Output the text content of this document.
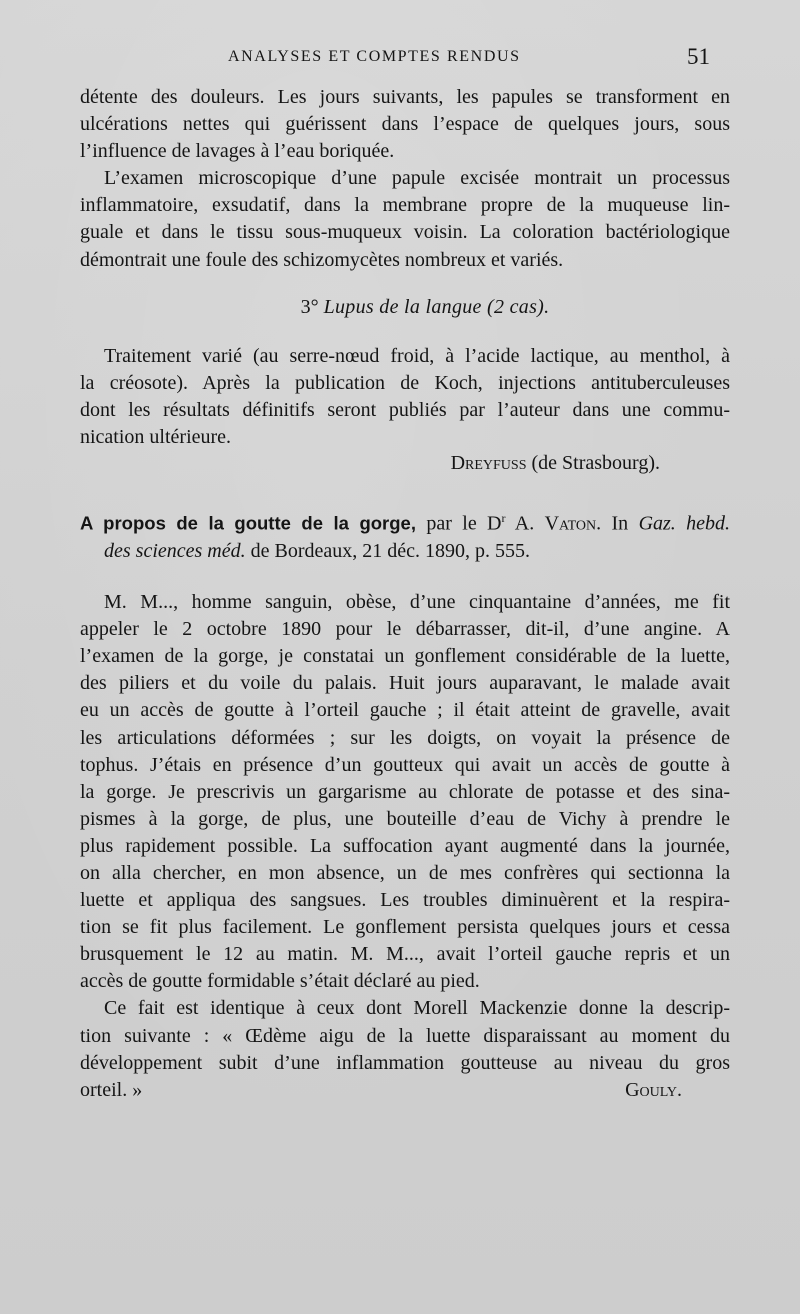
ANALYSES ET COMPTES RENDUS	51
détente des douleurs. Les jours suivants, les papules se transforment en
ulcérations nettes qui guérissent dans l’espace de quelques jours, sous
l’influence de lavages à l’eau boriquée.
L’examen microscopique d’une papule excisée montrait un processus
inflammatoire, exsudatif, dans la membrane propre de la muqueuse lin-
guale et dans le tissu sous-muqueux voisin. La coloration bactériologique
démontrait une foule des schizomycètes nombreux et variés.
3° Lupus de la langue (2 cas).
Traitement varié (au serre-nœud froid, à l’acide lactique, au menthol, à
la créosote). Après la publication de Koch, injections antituberculeuses
dont les résultats définitifs seront publiés par l’auteur dans une commu-
nication ultérieure.
Dreyfuss (de Strasbourg).
A propos de la goutte de la gorge, par le $D^r$ A. Vaton. In Gaz. hebd.
des sciences méd. de Bordeaux, 21 déc. 1890, p. 555.
M. M..., homme sanguin, obèse, d’une cinquantaine d’années, me fit
appeler le 2 octobre 1890 pour le débarrasser, dit-il, d’une angine. A
l’examen de la gorge, je constatai un gonflement considérable de la luette,
des piliers et du voile du palais. Huit jours auparavant, le malade avait
eu un accès de goutte à l’orteil gauche ; il était atteint de gravelle, avait
les articulations déformées ; sur les doigts, on voyait la présence de
tophus. J’étais en présence d’un goutteux qui avait un accès de goutte à
la gorge. Je prescrivis un gargarisme au chlorate de potasse et des sina-
pismes à la gorge, de plus, une bouteille d’eau de Vichy à prendre le
plus rapidement possible. La suffocation ayant augmenté dans la journée,
on alla chercher, en mon absence, un de mes confrères qui sectionna la
luette et appliqua des sangsues. Les troubles diminuèrent et la respira-
tion se fit plus facilement. Le gonflement persista quelques jours et cessa
brusquement le 12 au matin. M. M..., avait l’orteil gauche repris et un
accès de goutte formidable s’était déclaré au pied.
Ce fait est identique à ceux dont Morell Mackenzie donne la descrip-
tion suivante : « Œdème aigu de la luette disparaissant au moment du
développement subit d’une inflammation goutteuse au niveau du gros
orteil. »	Gouly.
